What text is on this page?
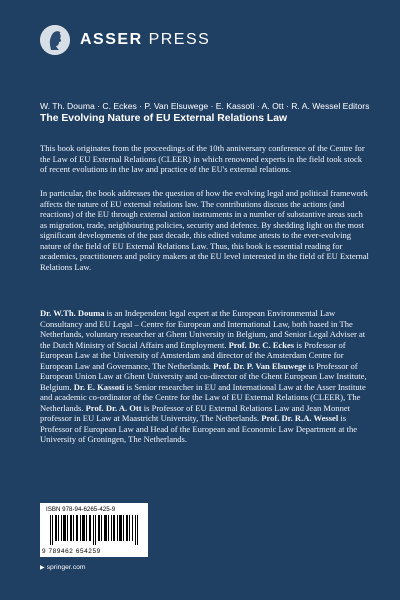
ASSER PRESS
W. Th. Douma · C. Eckes · P. Van Elsuwege · E. Kassoti · A. Ott · R. A. Wessel Editors
The Evolving Nature of EU External Relations Law
This book originates from the proceedings of the 10th anniversary conference of the Centre for the Law of EU External Relations (CLEER) in which renowned experts in the field took stock of recent evolutions in the law and practice of the EU's external relations.
In particular, the book addresses the question of how the evolving legal and political framework affects the nature of EU external relations law. The contributions discuss the actions (and reactions) of the EU through external action instruments in a number of substantive areas such as migration, trade, neighbouring policies, security and defence. By shedding light on the most significant developments of the past decade, this edited volume attests to the ever-evolving nature of the field of EU External Relations Law. Thus, this book is essential reading for academics, practitioners and policy makers at the EU level interested in the field of EU External Relations Law.
Dr. W.Th. Douma is an Independent legal expert at the European Environmental Law Consultancy and EU Legal – Centre for European and International Law, both based in The Netherlands, voluntary researcher at Ghent University in Belgium, and Senior Legal Adviser at the Dutch Ministry of Social Affairs and Employment. Prof. Dr. C. Eckes is Professor of European Law at the University of Amsterdam and director of the Amsterdam Centre for European Law and Governance, The Netherlands. Prof. Dr. P. Van Elsuwege is Professor of European Union Law at Ghent University and co-director of the Ghent European Law Institute, Belgium. Dr. E. Kassoti is Senior researcher in EU and International Law at the Asser Institute and academic co-ordinator of the Centre for the Law of EU External Relations (CLEER), The Netherlands. Prof. Dr. A. Ott is Professor of EU External Relations Law and Jean Monnet professor in EU Law at Maastricht University, The Netherlands. Prof. Dr. R.A. Wessel is Professor of European Law and Head of the European and Economic Law Department at the University of Groningen, The Netherlands.
ISBN 978-94-6265-425-9
9 789462 654259
▶ springer.com
